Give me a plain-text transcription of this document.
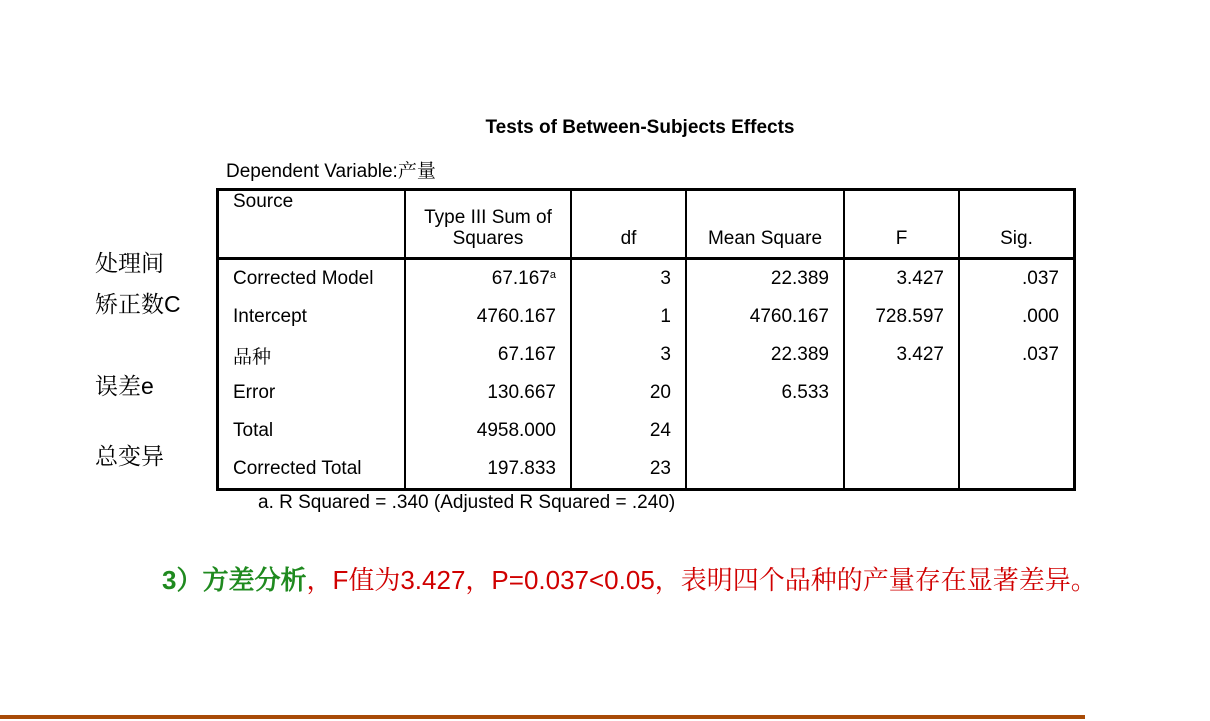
Tests of Between-Subjects Effects
Dependent Variable:产量
处理间
矫正数C
误差e
总变异
Source	Type III Sum of Squares	df	Mean Square	F	Sig.
Corrected Model	67.167$^a$	3	22.389	3.427	.037
Intercept	4760.167	1	4760.167	728.597	.000
品种	67.167	3	22.389	3.427	.037
Error	130.667	20	6.533		
Total	4958.000	24			
Corrected Total	197.833	23			
a. R Squared = .340 (Adjusted R Squared = .240)
3）方差分析，F值为3.427，P=0.037<0.05，表明四个品种的产量存在显著差异。
